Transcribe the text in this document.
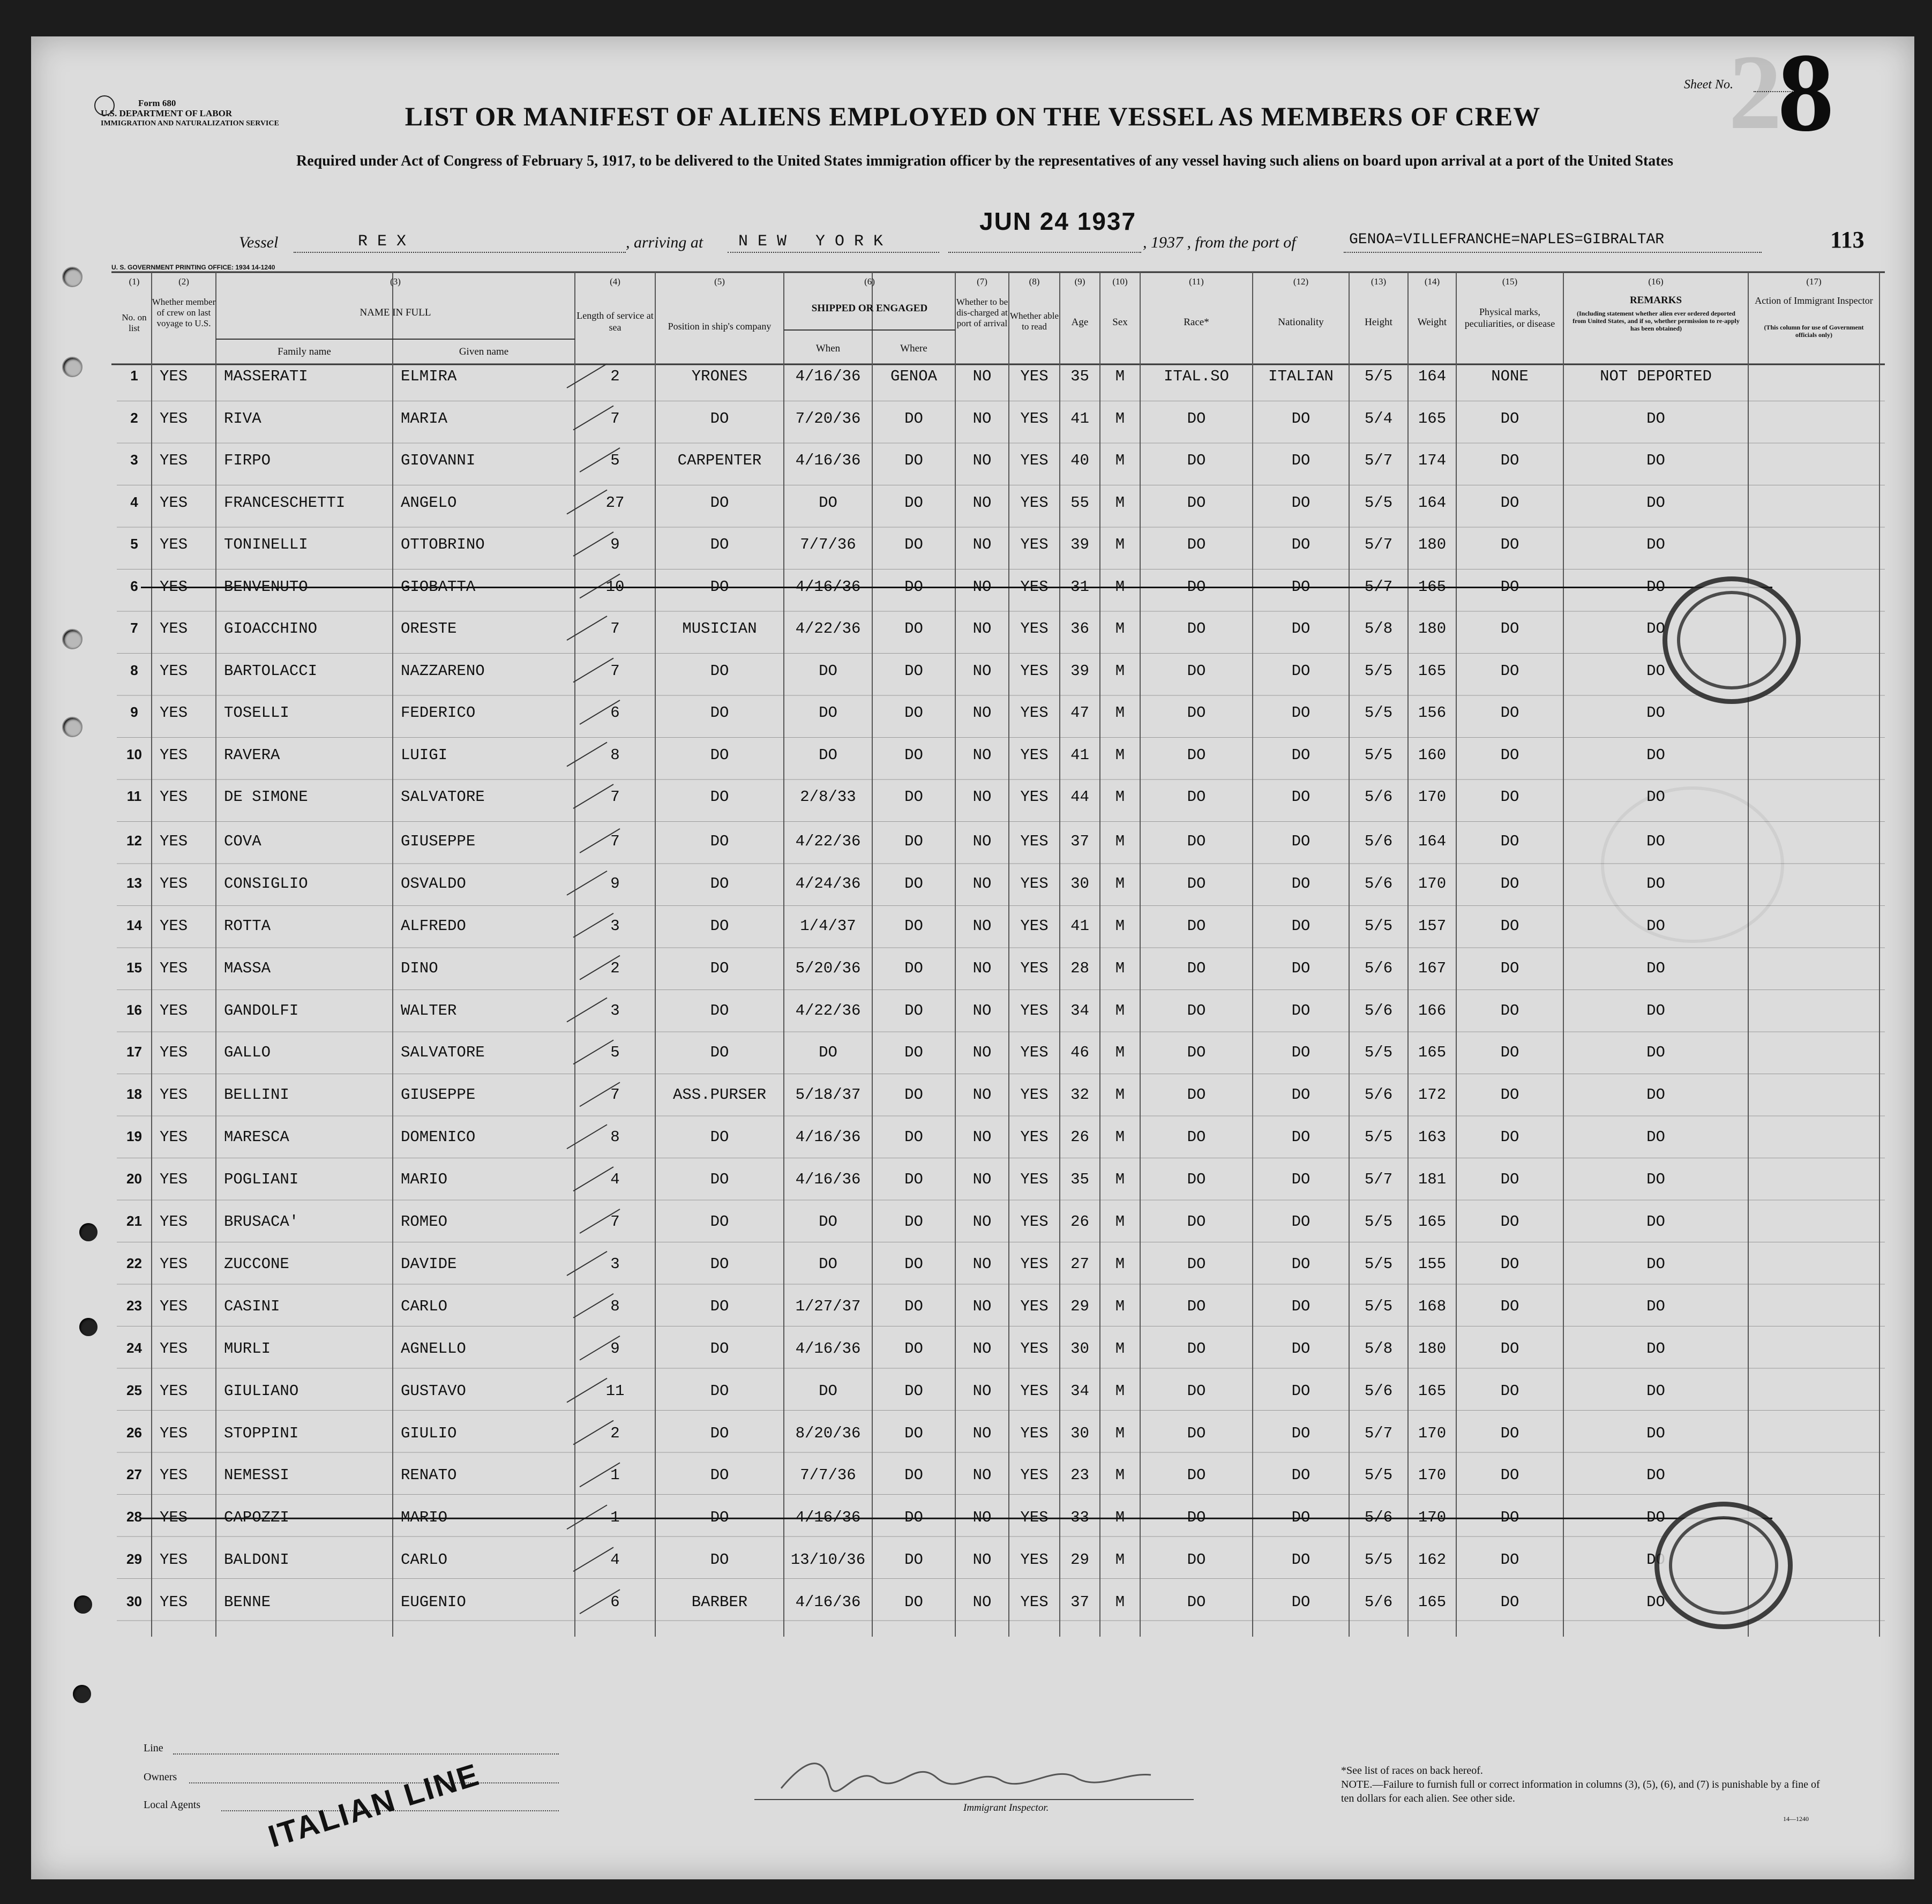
Form 680
U.S. DEPARTMENT OF LABOR
IMMIGRATION AND NATURALIZATION SERVICE	LIST OR MANIFEST OF ALIENS EMPLOYED ON THE VESSEL AS MEMBERS OF CREW
Required under Act of Congress of February 5, 1917, to be delivered to the United States immigration officer by the representatives of any vessel having such aliens on board upon arrival at a port of the United States
Sheet No.
2
8
Vessel	R E X	, arriving at N E W   Y O R K
JUN 24 1937
, 1937 , from the port of	GENOA=VILLEFRANCHE=NAPLES=GIBRALTAR	113
U. S. GOVERNMENT PRINTING OFFICE: 1934 14-1240
(1)	(2)	(3)	(4)	(5)	(6)	(7)	(8)	(9)	(10)	(11)	(12)	(13)	(14)	(15)	(16)	(17)
No. on list
Whether member of crew on last voyage to U.S.
NAME IN FULL
Family name	Given name
Length of service at sea	Position in ship's company
SHIPPED OR ENGAGED
When	Where
Whether to be dis-charged at port of arrival
Whether able to read	Age	Sex	Race*	Nationality	Height	Weight
Physical marks, peculiarities, or disease
REMARKS
(Including statement whether alien ever ordered deported from United States, and if so, whether permission to re-apply has been obtained)
Action of Immigrant Inspector
(This column for use of Government officials only)
1	YES MASSERATI	ELMIRA	2	YRONES	4/16/36	GENOA	NO	YES	35	M	ITAL.SO	ITALIAN	5/5	164	NONE	NOT DEPORTED
2	YES RIVA	MARIA	7	DO	7/20/36	DO	NO	YES	41	M	DO	DO	5/4	165	DO	DO
3	YES FIRPO	GIOVANNI	5	CARPENTER	4/16/36	DO	NO	YES	40	M	DO	DO	5/7	174	DO	DO
4	YES FRANCESCHETTI	ANGELO	27	DO	DO	DO	NO	YES	55	M	DO	DO	5/5	164	DO	DO
5	YES TONINELLI	OTTOBRINO	9	DO	7/7/36	DO	NO	YES	39	M	DO	DO	5/7	180	DO	DO
6	YES BENVENUTO	GIOBATTA	10	DO	4/16/36	DO	NO	YES	31	M	DO	DO	5/7	165	DO	DO
7	YES GIOACCHINO	ORESTE	7	MUSICIAN	4/22/36	DO	NO	YES	36	M	DO	DO	5/8	180	DO	DO
8	YES BARTOLACCI	NAZZARENO	7	DO	DO	DO	NO	YES	39	M	DO	DO	5/5	165	DO	DO
9	YES TOSELLI	FEDERICO	6	DO	DO	DO	NO	YES	47	M	DO	DO	5/5	156	DO	DO
10	YES RAVERA	LUIGI	8	DO	DO	DO	NO	YES	41	M	DO	DO	5/5	160	DO	DO
11	YES DE SIMONE	SALVATORE	7	DO	2/8/33	DO	NO	YES	44	M	DO	DO	5/6	170	DO	DO
12	YES COVA	GIUSEPPE	7	DO	4/22/36	DO	NO	YES	37	M	DO	DO	5/6	164	DO	DO
13	YES CONSIGLIO	OSVALDO	9	DO	4/24/36	DO	NO	YES	30	M	DO	DO	5/6	170	DO	DO
14	YES ROTTA	ALFREDO	3	DO	1/4/37	DO	NO	YES	41	M	DO	DO	5/5	157	DO	DO
15	YES MASSA	DINO	2	DO	5/20/36	DO	NO	YES	28	M	DO	DO	5/6	167	DO	DO
16	YES GANDOLFI	WALTER	3	DO	4/22/36	DO	NO	YES	34	M	DO	DO	5/6	166	DO	DO
17	YES GALLO	SALVATORE	5	DO	DO	DO	NO	YES	46	M	DO	DO	5/5	165	DO	DO
18	YES BELLINI	GIUSEPPE	7	ASS.PURSER	5/18/37	DO	NO	YES	32	M	DO	DO	5/6	172	DO	DO
19	YES MARESCA	DOMENICO	8	DO	4/16/36	DO	NO	YES	26	M	DO	DO	5/5	163	DO	DO
20	YES POGLIANI	MARIO	4	DO	4/16/36	DO	NO	YES	35	M	DO	DO	5/7	181	DO	DO
21	YES BRUSACA'	ROMEO	7	DO	DO	DO	NO	YES	26	M	DO	DO	5/5	165	DO	DO
22	YES ZUCCONE	DAVIDE	3	DO	DO	DO	NO	YES	27	M	DO	DO	5/5	155	DO	DO
23	YES CASINI	CARLO	8	DO	1/27/37	DO	NO	YES	29	M	DO	DO	5/5	168	DO	DO
24	YES MURLI	AGNELLO	9	DO	4/16/36	DO	NO	YES	30	M	DO	DO	5/8	180	DO	DO
25	YES GIULIANO	GUSTAVO	11	DO	DO	DO	NO	YES	34	M	DO	DO	5/6	165	DO	DO
26	YES STOPPINI	GIULIO	2	DO	8/20/36	DO	NO	YES	30	M	DO	DO	5/7	170	DO	DO
27	YES NEMESSI	RENATO	1	DO	7/7/36	DO	NO	YES	23	M	DO	DO	5/5	170	DO	DO
28	YES CAPOZZI	MARIO	1	DO	4/16/36	DO	NO	YES	33	M	DO	DO	5/6	170	DO	DO
29	YES BALDONI	CARLO	4	DO	13/10/36	DO	NO	YES	29	M	DO	DO	5/5	162	DO	DO
30	YES BENNE	EUGENIO	6	BARBER	4/16/36	DO	NO	YES	37	M	DO	DO	5/6	165	DO	DO
Line
Owners
Local Agents ITALIAN LINE	Immigrant Inspector.
*See list of races on back hereof.
NOTE.—Failure to furnish full or correct information in columns (3), (5), (6), and (7) is punishable by a fine of ten dollars for each alien. See other side.
14—1240
